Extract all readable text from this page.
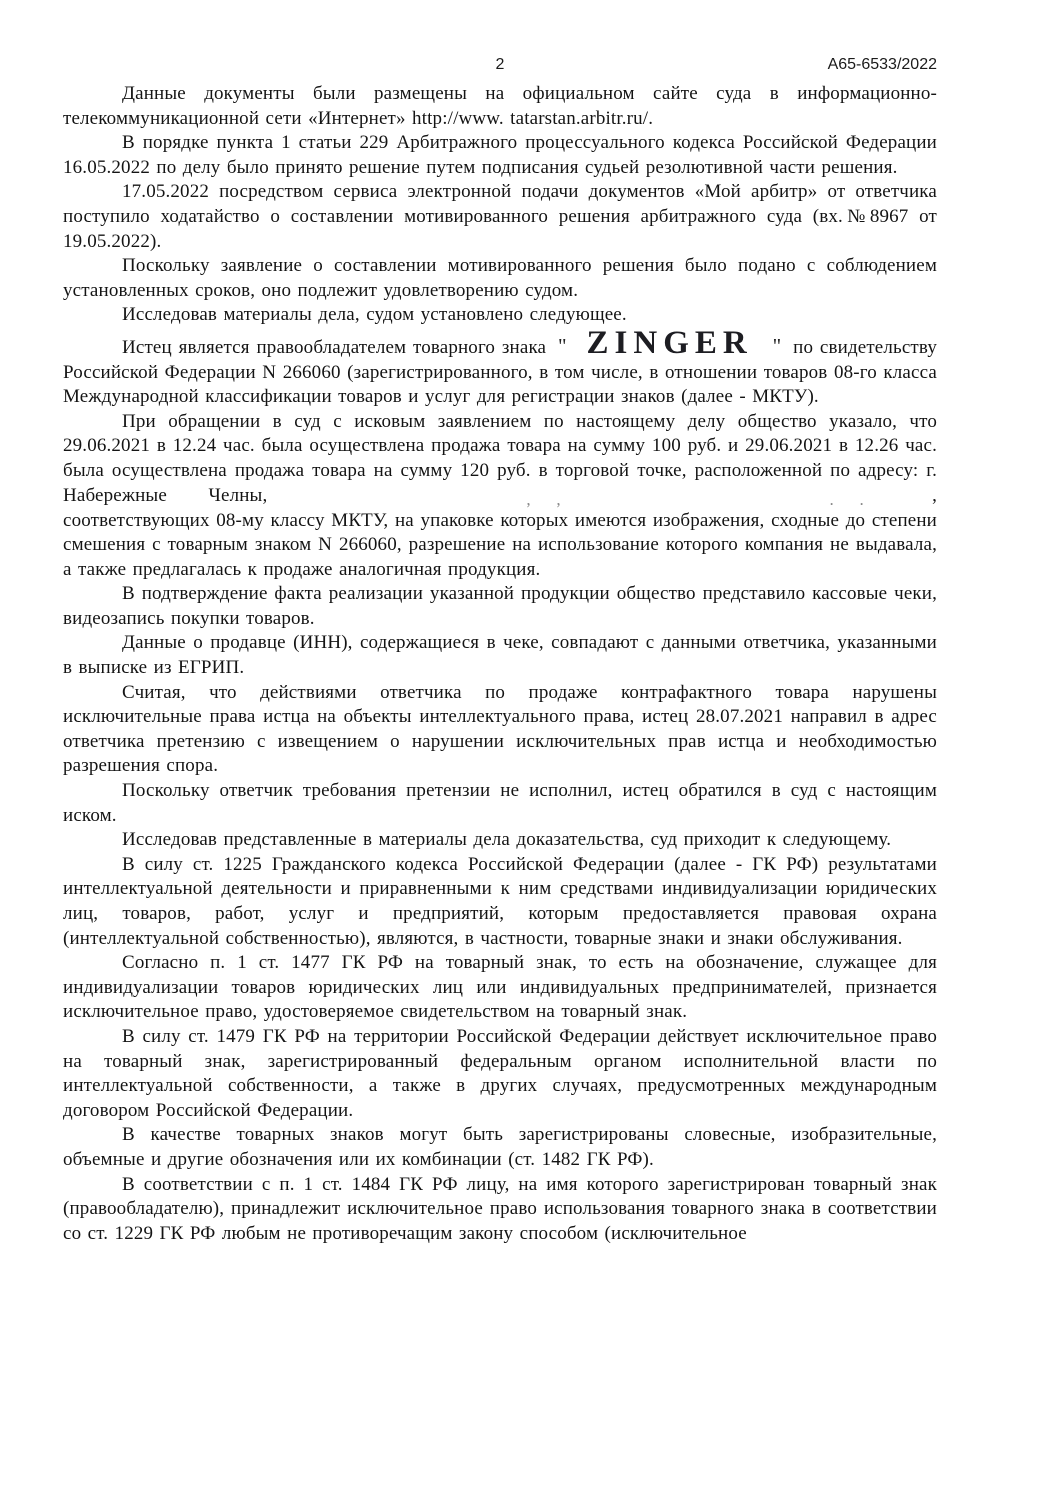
2	А65-6533/2022

Данные документы были размещены на официальном сайте суда в информационно-телекоммуникационной сети «Интернет» http://www. tatarstan.arbitr.ru/.

В порядке пункта 1 статьи 229 Арбитражного процессуального кодекса Российской Федерации 16.05.2022 по делу было принято решение путем подписания судьей резолютивной части решения.

17.05.2022 посредством сервиса электронной подачи документов «Мой арбитр» от ответчика поступило ходатайство о составлении мотивированного решения арбитражного суда (вх.№8967 от 19.05.2022).

Поскольку заявление о составлении мотивированного решения было подано с соблюдением установленных сроков, оно подлежит удовлетворению судом.

Исследовав материалы дела, судом установлено следующее.

Истец является правообладателем товарного знака " ZINGER " по свидетельству Российской Федерации N 266060 (зарегистрированного, в том числе, в отношении товаров 08-го класса Международной классификации товаров и услуг для регистрации знаков (далее - МКТУ).

При обращении в суд с исковым заявлением по настоящему делу общество указало, что 29.06.2021 в 12.24 час. была осуществлена продажа товара на сумму 100 руб. и 29.06.2021 в 12.26 час. была осуществлена продажа товара на сумму 120 руб. в торговой точке, расположенной по адресу: г. Набережные Челны,	, ,	. .	, соответствующих 08-му классу МКТУ, на упаковке которых имеются изображения, сходные до степени смешения с товарным знаком N 266060, разрешение на использование которого компания не выдавала, а также предлагалась к продаже аналогичная продукция.

В подтверждение факта реализации указанной продукции общество представило кассовые чеки, видеозапись покупки товаров.

Данные о продавце (ИНН), содержащиеся в чеке, совпадают с данными ответчика, указанными в выписке из ЕГРИП.

Считая, что действиями ответчика по продаже контрафактного товара нарушены исключительные права истца на объекты интеллектуального права, истец 28.07.2021 направил в адрес ответчика претензию с извещением о нарушении исключительных прав истца и необходимостью разрешения спора.

Поскольку ответчик требования претензии не исполнил, истец обратился в суд с настоящим иском.

Исследовав представленные в материалы дела доказательства, суд приходит к следующему.

В силу ст. 1225 Гражданского кодекса Российской Федерации (далее - ГК РФ) результатами интеллектуальной деятельности и приравненными к ним средствами индивидуализации юридических лиц, товаров, работ, услуг и предприятий, которым предоставляется правовая охрана (интеллектуальной собственностью), являются, в частности, товарные знаки и знаки обслуживания.

Согласно п. 1 ст. 1477 ГК РФ на товарный знак, то есть на обозначение, служащее для индивидуализации товаров юридических лиц или индивидуальных предпринимателей, признается исключительное право, удостоверяемое свидетельством на товарный знак.

В силу ст. 1479 ГК РФ на территории Российской Федерации действует исключительное право на товарный знак, зарегистрированный федеральным органом исполнительной власти по интеллектуальной собственности, а также в других случаях, предусмотренных международным договором Российской Федерации.

В качестве товарных знаков могут быть зарегистрированы словесные, изобразительные, объемные и другие обозначения или их комбинации (ст. 1482 ГК РФ).

В соответствии с п. 1 ст. 1484 ГК РФ лицу, на имя которого зарегистрирован товарный знак (правообладателю), принадлежит исключительное право использования товарного знака в соответствии со ст. 1229 ГК РФ любым не противоречащим закону способом (исключительное
